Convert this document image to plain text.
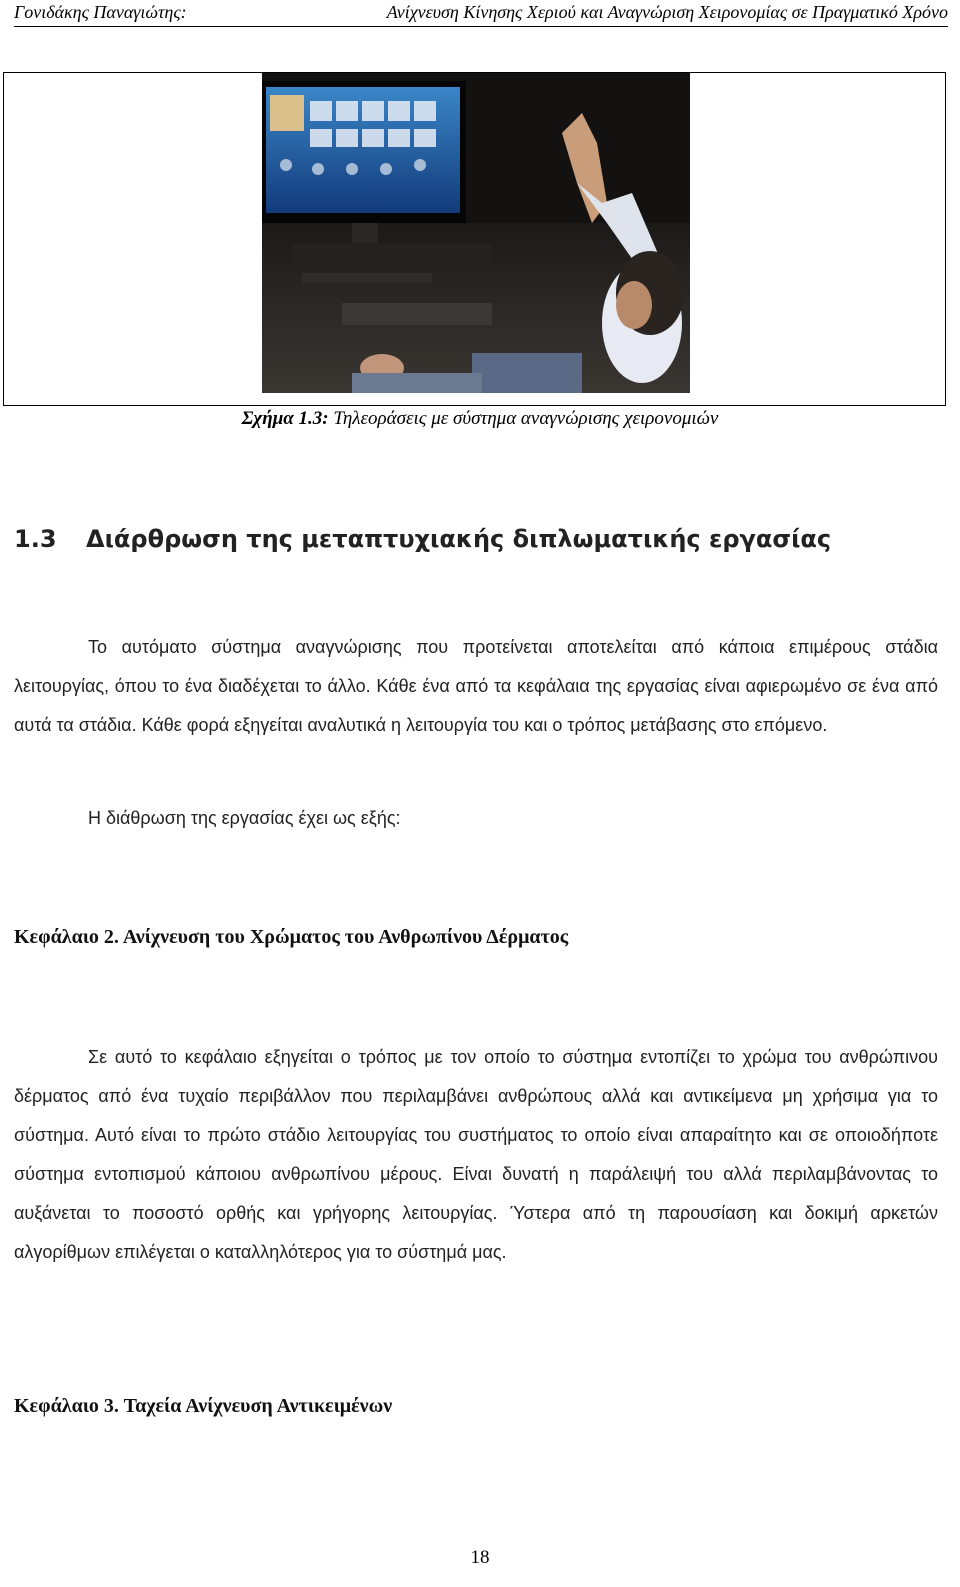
Γονιδάκης Παναγιώτης:	Ανίχνευση Κίνησης Χεριού και Αναγνώριση Χειρονομίας σε Πραγματικό Χρόνο
Σχήμα 1.3: Τηλεοράσεις με σύστημα αναγνώρισης χειρονομιών
1.3 Διάρθρωση της μεταπτυχιακής διπλωματικής εργασίας
Το αυτόματο σύστημα αναγνώρισης που προτείνεται αποτελείται από κάποια επιμέρους στάδια λειτουργίας, όπου το ένα διαδέχεται το άλλο. Κάθε ένα από τα κεφάλαια της εργασίας είναι αφιερωμένο σε ένα από αυτά τα στάδια. Κάθε φορά εξηγείται αναλυτικά η λειτουργία του και ο τρόπος μετάβασης στο επόμενο.
Η διάθρωση της εργασίας έχει ως εξής:
Κεφάλαιο 2. Ανίχνευση του Χρώματος του Ανθρωπίνου Δέρματος
Σε αυτό το κεφάλαιο εξηγείται ο τρόπος με τον οποίο το σύστημα εντοπίζει το χρώμα του ανθρώπινου δέρματος από ένα τυχαίο περιβάλλον που περιλαμβάνει ανθρώπους αλλά και αντικείμενα μη χρήσιμα για το σύστημα. Αυτό είναι το πρώτο στάδιο λειτουργίας του συστήματος το οποίο είναι απαραίτητο και σε οποιοδήποτε σύστημα εντοπισμού κάποιου ανθρωπίνου μέρους. Είναι δυνατή η παράλειψή του αλλά περιλαμβάνοντας το αυξάνεται το ποσοστό ορθής και γρήγορης λειτουργίας. Ύστερα από τη παρουσίαση και δοκιμή αρκετών αλγορίθμων επιλέγεται ο καταλληλότερος για το σύστημά μας.
Κεφάλαιο 3. Ταχεία Ανίχνευση Αντικειμένων
18
